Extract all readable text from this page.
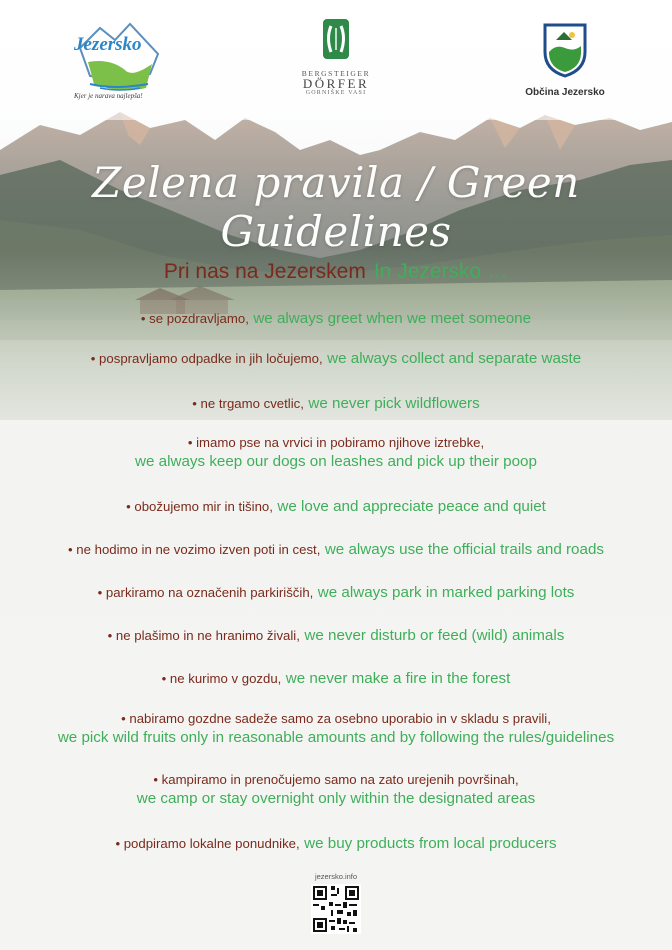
Jezersko
Kjer je narava najlepša!
BERGSTEIGER
DÖRFER
GORNIŠKE VASI	Občina Jezersko
Zelena pravila / Green Guidelines
Pri nas na Jezerskem In Jezersko …
• se pozdravljamo, we always greet when we meet someone
• pospravljamo odpadke in jih ločujemo, we always collect and separate waste
• ne trgamo cvetlic, we never pick wildflowers
• imamo pse na vrvici in pobiramo njihove iztrebke,
we always keep our dogs on leashes and pick up their poop
• obožujemo mir in tišino, we love and appreciate peace and quiet
• ne hodimo in ne vozimo izven poti in cest, we always use the official trails and roads
• parkiramo na označenih parkiriščih, we always park in marked parking lots
• ne plašimo in ne hranimo živali, we never disturb or feed (wild) animals
• ne kurimo v gozdu, we never make a fire in the forest
• nabiramo gozdne sadeže samo za osebno uporabio in v skladu s pravili,
we pick wild fruits only in reasonable amounts and by following the rules/guidelines
• kampiramo in prenočujemo samo na zato urejenih površinah,
we camp or stay overnight only within the designated areas
• podpiramo lokalne ponudnike, we buy products from local producers
jezersko.info
